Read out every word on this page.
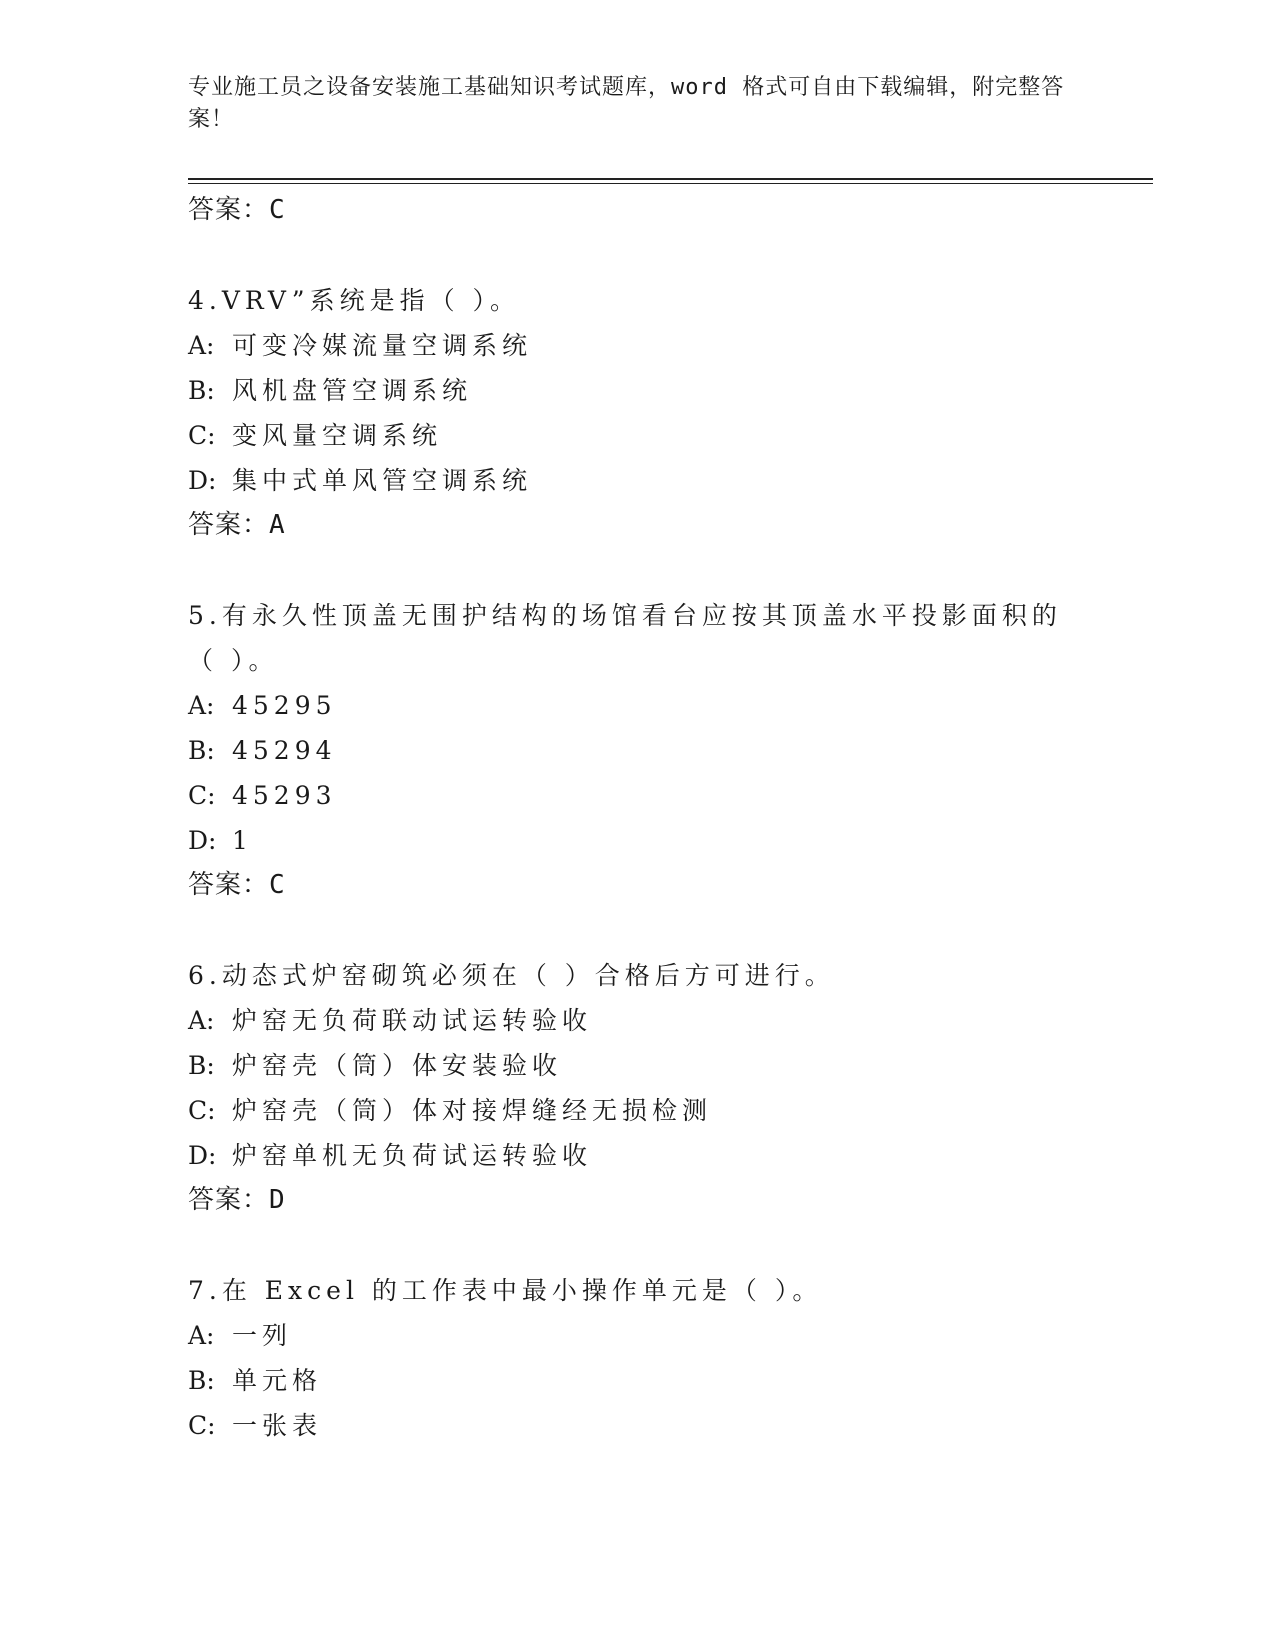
专业施工员之设备安装施工基础知识考试题库，word 格式可自由下载编辑，附完整答案！
答案：C
4.VRV”系统是指（ ）。
A: 可变冷媒流量空调系统
B: 风机盘管空调系统
C: 变风量空调系统
D: 集中式单风管空调系统
答案：A
5.有永久性顶盖无围护结构的场馆看台应按其顶盖水平投影面积的（ ）。
A: 45295
B: 45294
C: 45293
D: 1
答案：C
6.动态式炉窑砌筑必须在（ ）合格后方可进行。
A: 炉窑无负荷联动试运转验收
B: 炉窑壳（筒）体安装验收
C: 炉窑壳（筒）体对接焊缝经无损检测
D: 炉窑单机无负荷试运转验收
答案：D
7.在 Excel 的工作表中最小操作单元是（ ）。
A: 一列
B: 单元格
C: 一张表
